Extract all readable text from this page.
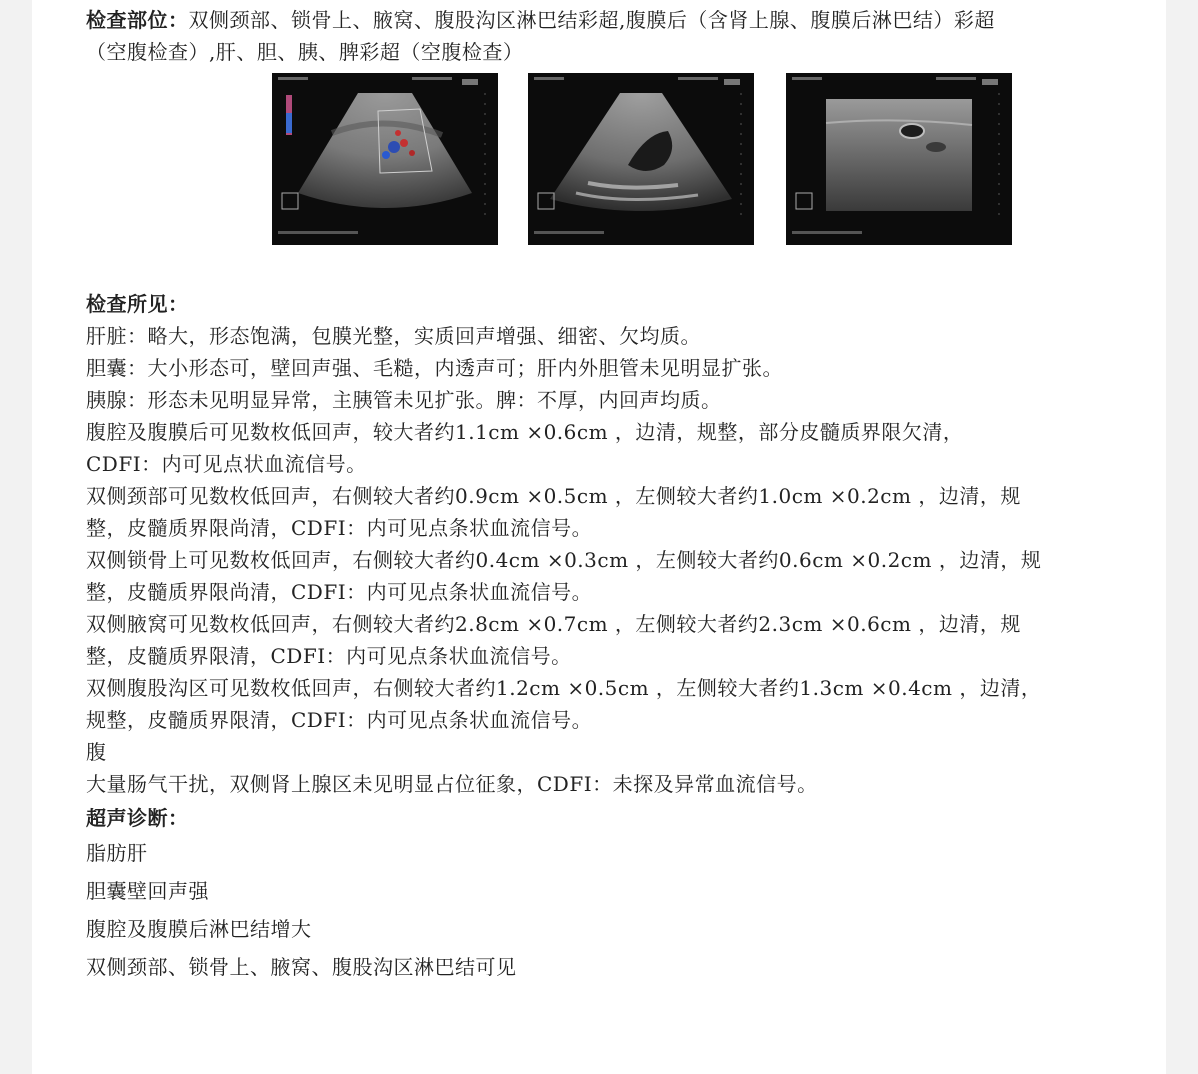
检查部位：双侧颈部、锁骨上、腋窝、腹股沟区淋巴结彩超,腹膜后（含肾上腺、腹膜后淋巴结）彩超

（空腹检查）,肝、胆、胰、脾彩超（空腹检查）

检查所见：

肝脏：略大，形态饱满，包膜光整，实质回声增强、细密、欠均质。

胆囊：大小形态可，壁回声强、毛糙，内透声可；肝内外胆管未见明显扩张。

胰腺：形态未见明显异常，主胰管未见扩张。脾：不厚，内回声均质。

腹腔及腹膜后可见数枚低回声，较大者约1.1cm ×0.6cm ，边清，规整，部分皮髓质界限欠清，

CDFI：内可见点状血流信号。

双侧颈部可见数枚低回声，右侧较大者约0.9cm ×0.5cm ，左侧较大者约1.0cm ×0.2cm ，边清，规

整，皮髓质界限尚清，CDFI：内可见点条状血流信号。

双侧锁骨上可见数枚低回声，右侧较大者约0.4cm ×0.3cm ，左侧较大者约0.6cm ×0.2cm ，边清，规

整，皮髓质界限尚清，CDFI：内可见点条状血流信号。

双侧腋窝可见数枚低回声，右侧较大者约2.8cm ×0.7cm ，左侧较大者约2.3cm ×0.6cm ，边清，规

整，皮髓质界限清，CDFI：内可见点条状血流信号。

双侧腹股沟区可见数枚低回声，右侧较大者约1.2cm ×0.5cm ，左侧较大者约1.3cm ×0.4cm ，边清，

规整，皮髓质界限清，CDFI：内可见点条状血流信号。

腹

大量肠气干扰，双侧肾上腺区未见明显占位征象，CDFI：未探及异常血流信号。

超声诊断：

脂肪肝

胆囊壁回声强

腹腔及腹膜后淋巴结增大

双侧颈部、锁骨上、腋窝、腹股沟区淋巴结可见
